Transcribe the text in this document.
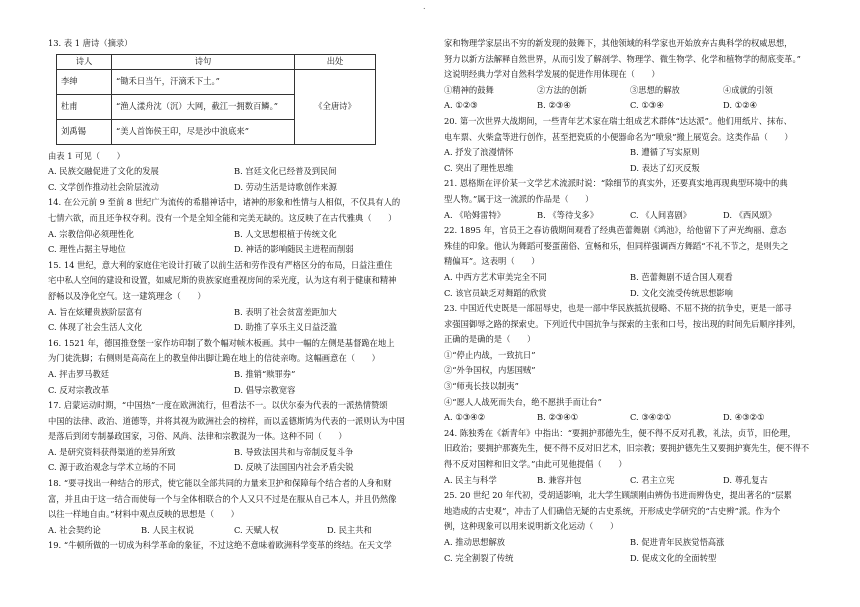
.
13. 表 1 唐诗（摘录）
诗人	诗句	出处
李绅	“锄禾日当午，汗滴禾下土。”	《全唐诗》
杜甫	“渔人漾舟沈（沉）大网，截江一拥数百鳞。”	
刘禹锡	“美人首饰侯王印，尽是沙中浪底来”	
由表 1 可见（　　）
A. 民族交融促进了文化的发展	B. 宫廷文化已经普及到民间
C. 文学创作推动社会阶层流动	D. 劳动生活是诗歌创作来源
14. 在公元前 9 至前 8 世纪广为流传的希腊神话中，诸神的形象和性情与人相似，不仅具有人的
七情六欲，而且还争权夺利。没有一个是全知全能和完美无缺的。这反映了在古代雅典（　　）
A. 宗教信仰必须理性化	B. 人文思想根植于传统文化
C. 理性占据主导地位	D. 神话的影响随民主进程而削弱
15. 14 世纪，意大利的家庭住宅设计打破了以前生活和劳作没有严格区分的布局，日益注重住
宅中私人空间的建设和设置，如威尼斯的贵族家庭重视房间的采光度，认为这有利于健康和精神
舒畅以及净化空气。这一建筑理念（　　）
A. 旨在炫耀贵族阶层富有	B. 表明了社会贫富差距加大
C. 体现了社会生活人文化	D. 助推了享乐主义日益泛滥
16. 1521 年，德国推登堡一家作坊印制了数个幅对帧木板画。其中一幅的左侧是基督跪在地上
为门徒洗脚；右侧则是高高在上的教皇伸出脚让跪在地上的信徒亲吻。这幅画意在（　　）
A. 抨击罗马教廷	B. 推销“赎罪券”
C. 反对宗教改革	D. 倡导宗教宽容
17. 启蒙运动时期，“中国热”一度在欧洲流行，但看法不一。以伏尔泰为代表的一派热情赞颂
中国的法律、政治、道德等，并将其视为欧洲社会的榜样，而以孟德斯鸠为代表的一派则认为中国
是落后到闭专制暴政国家，习俗、风尚、法律和宗教混为一体。这种不同（　　）
A. 是研究资料获得渠道的差异所致	B. 导致法国共和与帝制反复斗争
C. 源于政治观念与学术立场的不同	D. 反映了法国国内社会矛盾尖锐
18. “要寻找出一种结合的形式，使它能以全部共同的力量来卫护和保障每个结合者的人身和财
富，并且由于这一结合而使每一个与全体相联合的个人又只不过是在服从自己本人，并且仍然像
以往一样地自由。”材料中观点反映的思想是（　　）
A. 社会契约论	B. 人民主权说	C. 天赋人权	D. 民主共和
19. “牛顿所做的一切成为科学革命的象征，不过这绝不意味着欧洲科学变革的终结。在天文学
家和物理学家层出不穷的新发现的鼓舞下，其他领域的科学家也开始放弃古典科学的权威思想，
努力以新方法解释自然世界，从而引发了解剖学、物理学、微生物学、化学和植物学的彻底变革。”
这说明经典力学对自然科学发展的促进作用体现在（　　）
①精神的鼓舞	②方法的创新	③思想的解放	④成就的引领
A. ①②③	B. ②③④	C. ①③④	D. ①②④
20. 第一次世界大战期间，一些青年艺术家在瑞士组成艺术群体“达达派”。他们用纸片、抹布、
电车票、火柴盒等进行创作，甚至把瓷质的小便器命名为“喷泉”搬上展览会。这类作品（　　）
A. 抒发了浪漫情怀	B. 遭循了写实原则
C. 突出了理性思维	D. 表达了幻灭反叛
21. 恩格斯在评价某一文学艺术流派时说：“除细节的真实外，还要真实地再现典型环境中的典
型人物。”属于这一流派的作品是（　　）
A. 《哈姆雷特》	B. 《等待戈多》	C. 《人间喜剧》	D. 《西风颂》
22. 1895 年，官员王之春访俄期间观看了经典芭蕾舞剧《鸿池》，给他留下了声光绚丽、意态
殊佳的印象。他认为舞蹈可娶蛋菌俗、宣畅和乐，但同样强调西方舞蹈“不礼不节之，是则失之
精偏耳”。这表明（　　）
A. 中西方艺术审美完全不同	B. 芭蕾舞剧不适合国人观看
C. 该官员缺乏对舞蹈的欣赏	D. 文化交流受传统思想影响
23. 中国近代史既是一部屈辱史，也是一部中华民族抵抗侵略、不屈不挠的抗争史，更是一部寻
求强国御辱之路的探索史。下列近代中国抗争与探索的主张和口号，按出现的时间先后顺序排列，
正确的是确的是（　　）
①“停止内战，一致抗日”
②“外争国权，内惩国贼”
③“师夷长技以制夷”
④“愿人人战死而失台，绝不愿拱手而让台”
A. ①③④②	B. ②③④①	C. ③④②①	D. ④③②①
24. 陈独秀在《新青年》中指出：“要拥护那德先生，便不得不反对孔教，礼法，贞节，旧伦理，
旧政治；要拥护那赛先生，便不得不反对旧艺术，旧宗教；要拥护德先生又要拥护赛先生，便不得不
得不反对国粹和旧文学。”由此可见他提倡（　　）
A. 民主与科学	B. 兼容并包	C. 君主立宪	D. 尊孔复古
25. 20 世纪 20 年代初，受胡适影响，北大学生顾颉刚由辨伪书进而辨伪史，提出著名的“层累
地造成的古史观”，冲击了人们确信无疑的古史系统，开形成史学研究的“古史辨”派。作为个
例，这种现象可以用来说明新文化运动（　　）
A. 推动思想解放	B. 促进青年民族觉悟高涨
C. 完全割裂了传统	D. 促成文化的全面转型
